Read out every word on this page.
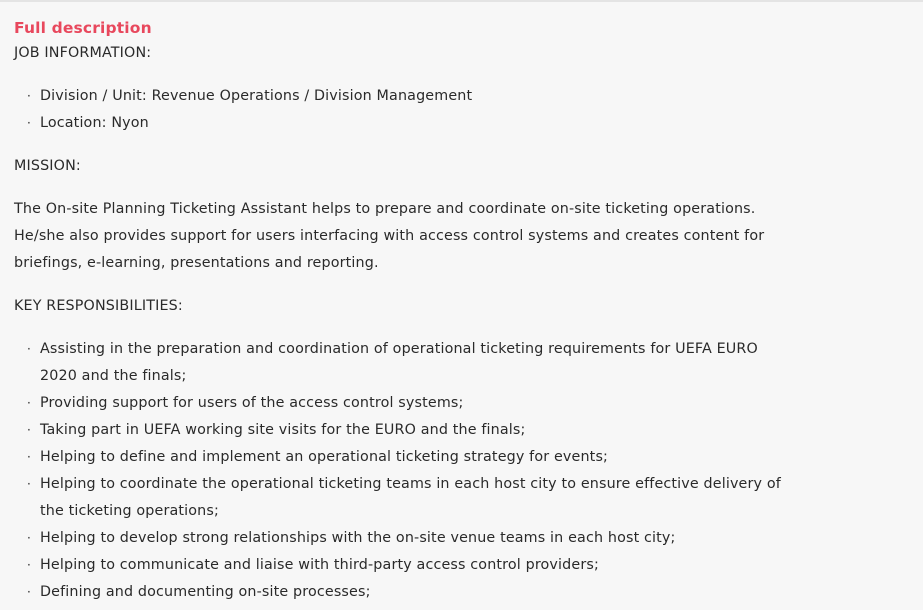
Full description

JOB INFORMATION:

· Division / Unit: Revenue Operations / Division Management
· Location: Nyon

MISSION:

The On-site Planning Ticketing Assistant helps to prepare and coordinate on-site ticketing operations.
He/she also provides support for users interfacing with access control systems and creates content for
briefings, e-learning, presentations and reporting.

KEY RESPONSIBILITIES:

· Assisting in the preparation and coordination of operational ticketing requirements for UEFA EURO
2020 and the finals;
· Providing support for users of the access control systems;
· Taking part in UEFA working site visits for the EURO and the finals;
· Helping to define and implement an operational ticketing strategy for events;
· Helping to coordinate the operational ticketing teams in each host city to ensure effective delivery of
the ticketing operations;
· Helping to develop strong relationships with the on-site venue teams in each host city;
· Helping to communicate and liaise with third-party access control providers;
· Defining and documenting on-site processes;
